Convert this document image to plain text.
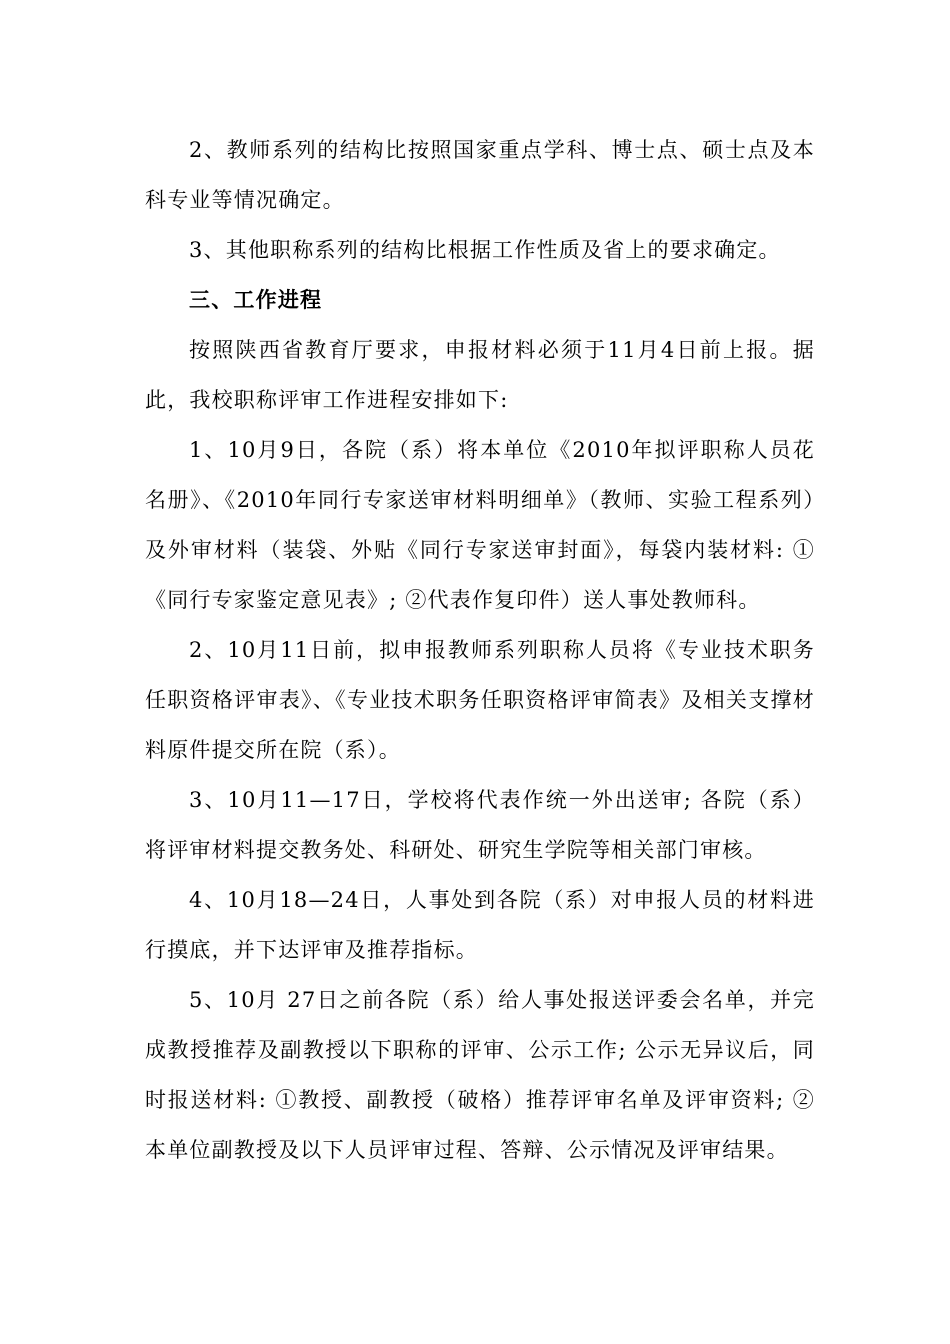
2、教师系列的结构比按照国家重点学科、博士点、硕士点及本科专业等情况确定。

3、其他职称系列的结构比根据工作性质及省上的要求确定。

三、工作进程

按照陕西省教育厅要求，申报材料必须于11月4日前上报。据此，我校职称评审工作进程安排如下:

1、10月9日，各院（系）将本单位《2010年拟评职称人员花名册》、《2010年同行专家送审材料明细单》（教师、实验工程系列）及外审材料（装袋、外贴《同行专家送审封面》，每袋内装材料: ①《同行专家鉴定意见表》; ②代表作复印件）送人事处教师科。

2、10月11日前，拟申报教师系列职称人员将《专业技术职务任职资格评审表》、《专业技术职务任职资格评审简表》及相关支撑材料原件提交所在院（系）。

3、10月11—17日，学校将代表作统一外出送审; 各院（系）将评审材料提交教务处、科研处、研究生学院等相关部门审核。

4、10月18—24日，人事处到各院（系）对申报人员的材料进行摸底，并下达评审及推荐指标。

5、10月 27日之前各院（系）给人事处报送评委会名单，并完成教授推荐及副教授以下职称的评审、公示工作; 公示无异议后，同时报送材料: ①教授、副教授（破格）推荐评审名单及评审资料; ②本单位副教授及以下人员评审过程、答辩、公示情况及评审结果。
